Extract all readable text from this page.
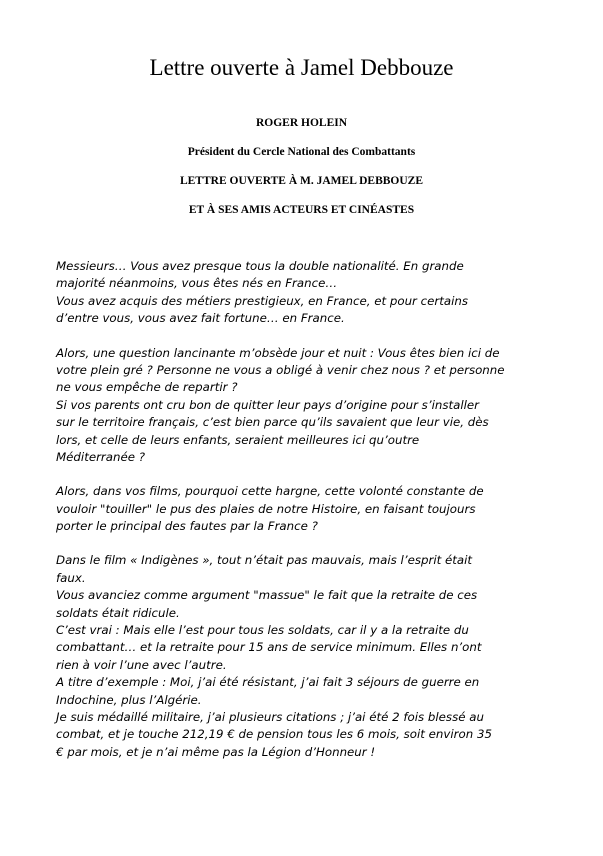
Lettre ouverte à Jamel Debbouze
ROGER HOLEIN
Président du Cercle National des Combattants
LETTRE OUVERTE À M. JAMEL DEBBOUZE
ET À SES AMIS ACTEURS ET CINÉASTES
Messieurs… Vous avez presque tous la double nationalité. En grande
majorité néanmoins, vous êtes nés en France…
Vous avez acquis des métiers prestigieux, en France, et pour certains
d’entre vous, vous avez fait fortune… en France.
Alors, une question lancinante m’obsède jour et nuit : Vous êtes bien ici de
votre plein gré ? Personne ne vous a obligé à venir chez nous ? et personne
ne vous empêche de repartir ?
Si vos parents ont cru bon de quitter leur pays d’origine pour s’installer
sur le territoire français, c’est bien parce qu’ils savaient que leur vie, dès
lors, et celle de leurs enfants, seraient meilleures ici qu’outre
Méditerranée ?
Alors, dans vos films, pourquoi cette hargne, cette volonté constante de
vouloir "touiller" le pus des plaies de notre Histoire, en faisant toujours
porter le principal des fautes par la France ?
Dans le film « Indigènes », tout n’était pas mauvais, mais l’esprit était
faux.
Vous avanciez comme argument "massue" le fait que la retraite de ces
soldats était ridicule.
C’est vrai : Mais elle l’est pour tous les soldats, car il y a la retraite du
combattant… et la retraite pour 15 ans de service minimum. Elles n’ont
rien à voir l’une avec l’autre.
A titre d’exemple : Moi, j’ai été résistant, j’ai fait 3 séjours de guerre en
Indochine, plus l’Algérie.
Je suis médaillé militaire, j’ai plusieurs citations ; j’ai été 2 fois blessé au
combat, et je touche 212,19 € de pension tous les 6 mois, soit environ 35
€ par mois, et je n’ai même pas la Légion d’Honneur !
